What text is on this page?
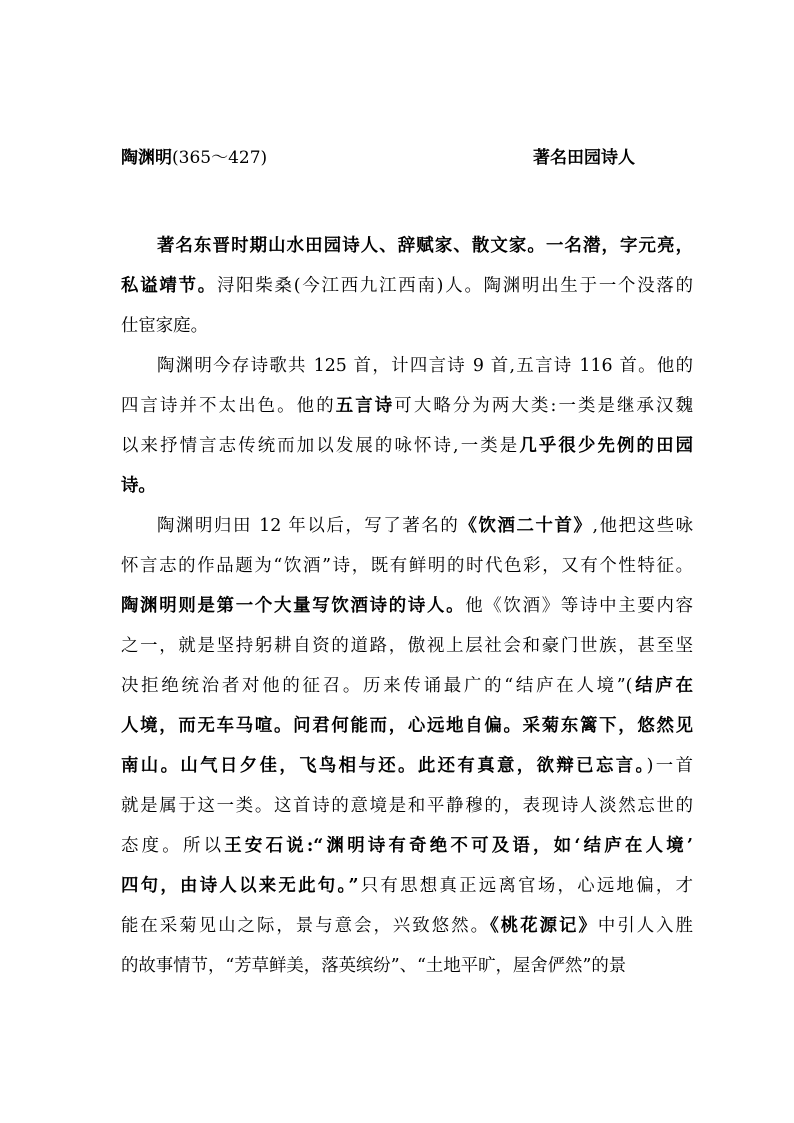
陶渊明(365～427)	著名田园诗人
著名东晋时期山水田园诗人、辞赋家、散文家。一名潜，字元亮，
私谥靖节。浔阳柴桑(今江西九江西南)人。陶渊明出生于一个没落的
仕宦家庭。
陶渊明今存诗歌共 125 首，计四言诗 9 首,五言诗 116 首。他的
四言诗并不太出色。他的五言诗可大略分为两大类:一类是继承汉魏
以来抒情言志传统而加以发展的咏怀诗,一类是几乎很少先例的田园
诗。
陶渊明归田 12 年以后，写了著名的《饮酒二十首》,他把这些咏
怀言志的作品题为“饮酒”诗，既有鲜明的时代色彩，又有个性特征。
陶渊明则是第一个大量写饮酒诗的诗人。他《饮酒》等诗中主要内容
之一，就是坚持躬耕自资的道路，傲视上层社会和豪门世族，甚至坚
决拒绝统治者对他的征召。历来传诵最广的“结庐在人境”(结庐在
人境，而无车马喧。问君何能而，心远地自偏。采菊东篱下，悠然见
南山。山气日夕佳，飞鸟相与还。此还有真意，欲辩已忘言。)一首
就是属于这一类。这首诗的意境是和平静穆的，表现诗人淡然忘世的
态度。所以王安石说:“渊明诗有奇绝不可及语，如‘结庐在人境’
四句，由诗人以来无此句。”只有思想真正远离官场，心远地偏，才
能在采菊见山之际，景与意会，兴致悠然。《桃花源记》中引人入胜
的故事情节，“芳草鲜美，落英缤纷”、“土地平旷，屋舍俨然”的景
